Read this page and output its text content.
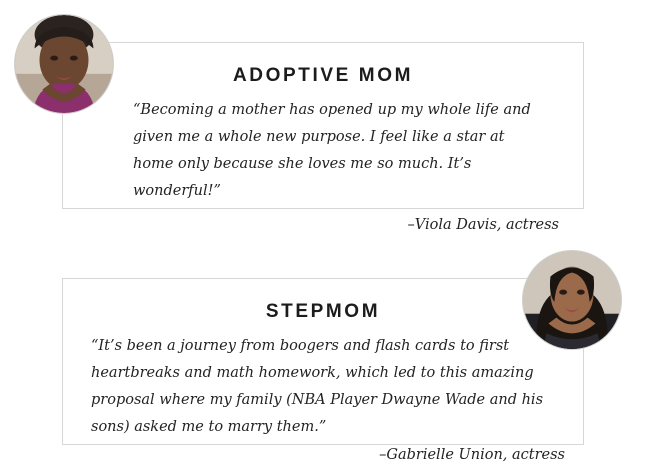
ADOPTIVE MOM

“Becoming a mother has opened up my whole life and given me a whole new purpose. I feel like a star at home only because she loves me so much. It’s wonderful!”

–Viola Davis, actress

STEPMOM

“It’s been a journey from boogers and flash cards to first heartbreaks and math homework, which led to this amazing proposal where my family (NBA Player Dwayne Wade and his sons) asked me to marry them.”

–Gabrielle Union, actress
